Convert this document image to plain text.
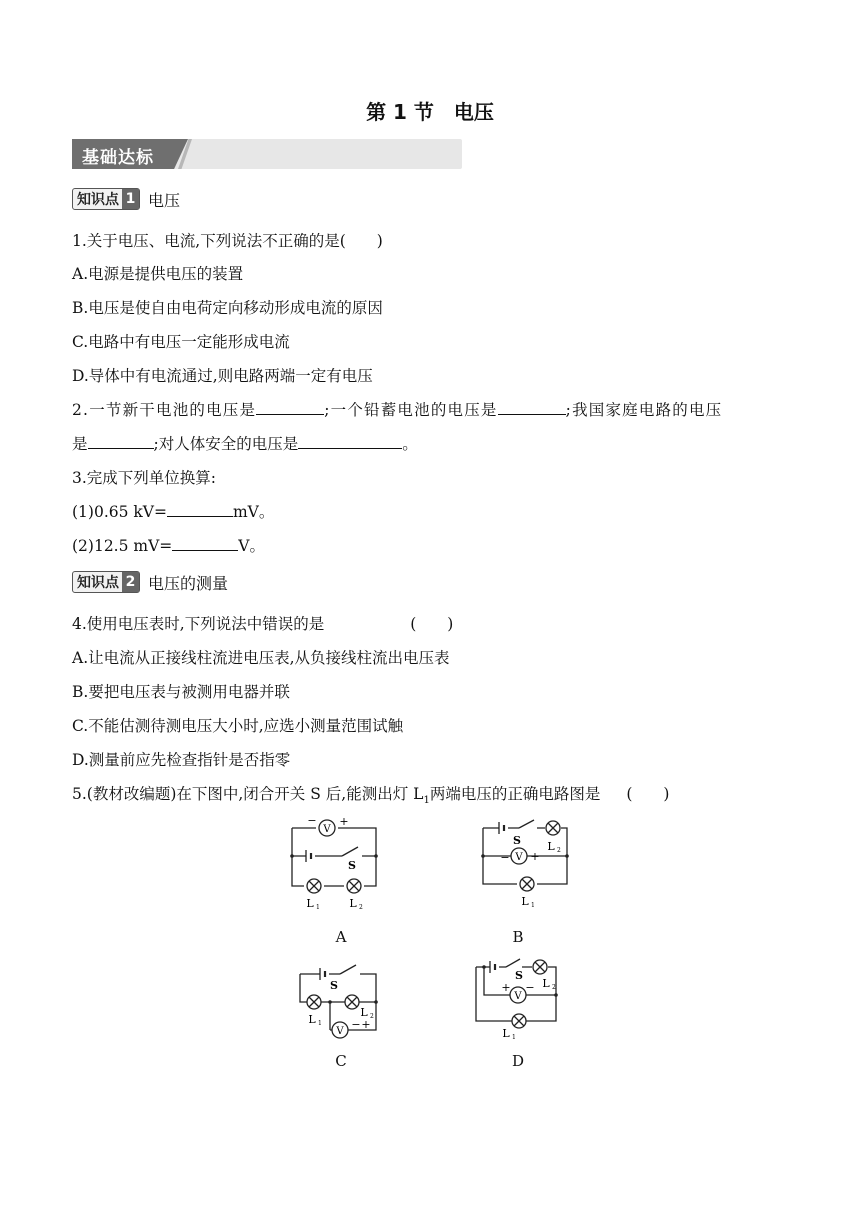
第 1 节　电压
基础达标
知识点 1 电压
1.关于电压、电流,下列说法不正确的是(　　)
A.电源是提供电压的装置
B.电压是使自由电荷定向移动形成电流的原因
C.电路中有电压一定能形成电流
D.导体中有电流通过,则电路两端一定有电压
2.一节新干电池的电压是	;一个铅蓄电池的电压是	;我国家庭电路的电压
是	;对人体安全的电压是	。
3.完成下列单位换算:
(1)0.65 kV=	mV。
(2)12.5 mV=	V。
知识点 2 电压的测量
4.使用电压表时,下列说法中错误的是	(　　)
A.让电流从正接线柱流进电压表,从负接线柱流出电压表
B.要把电压表与被测用电器并联
C.不能估测待测电压大小时,应选小测量范围试触
D.测量前应先检查指针是否指零
5.(教材改编题)在下图中,闭合开关 S 后,能测出灯 $L_1$两端电压的正确电路图是 (　　)
V
− +
S
L 1	L 2
A
V
− +
S L 2
L 1
B
V
− +
S
L 1
L 2
C
V
+ −
S
L 2
L 1
D
